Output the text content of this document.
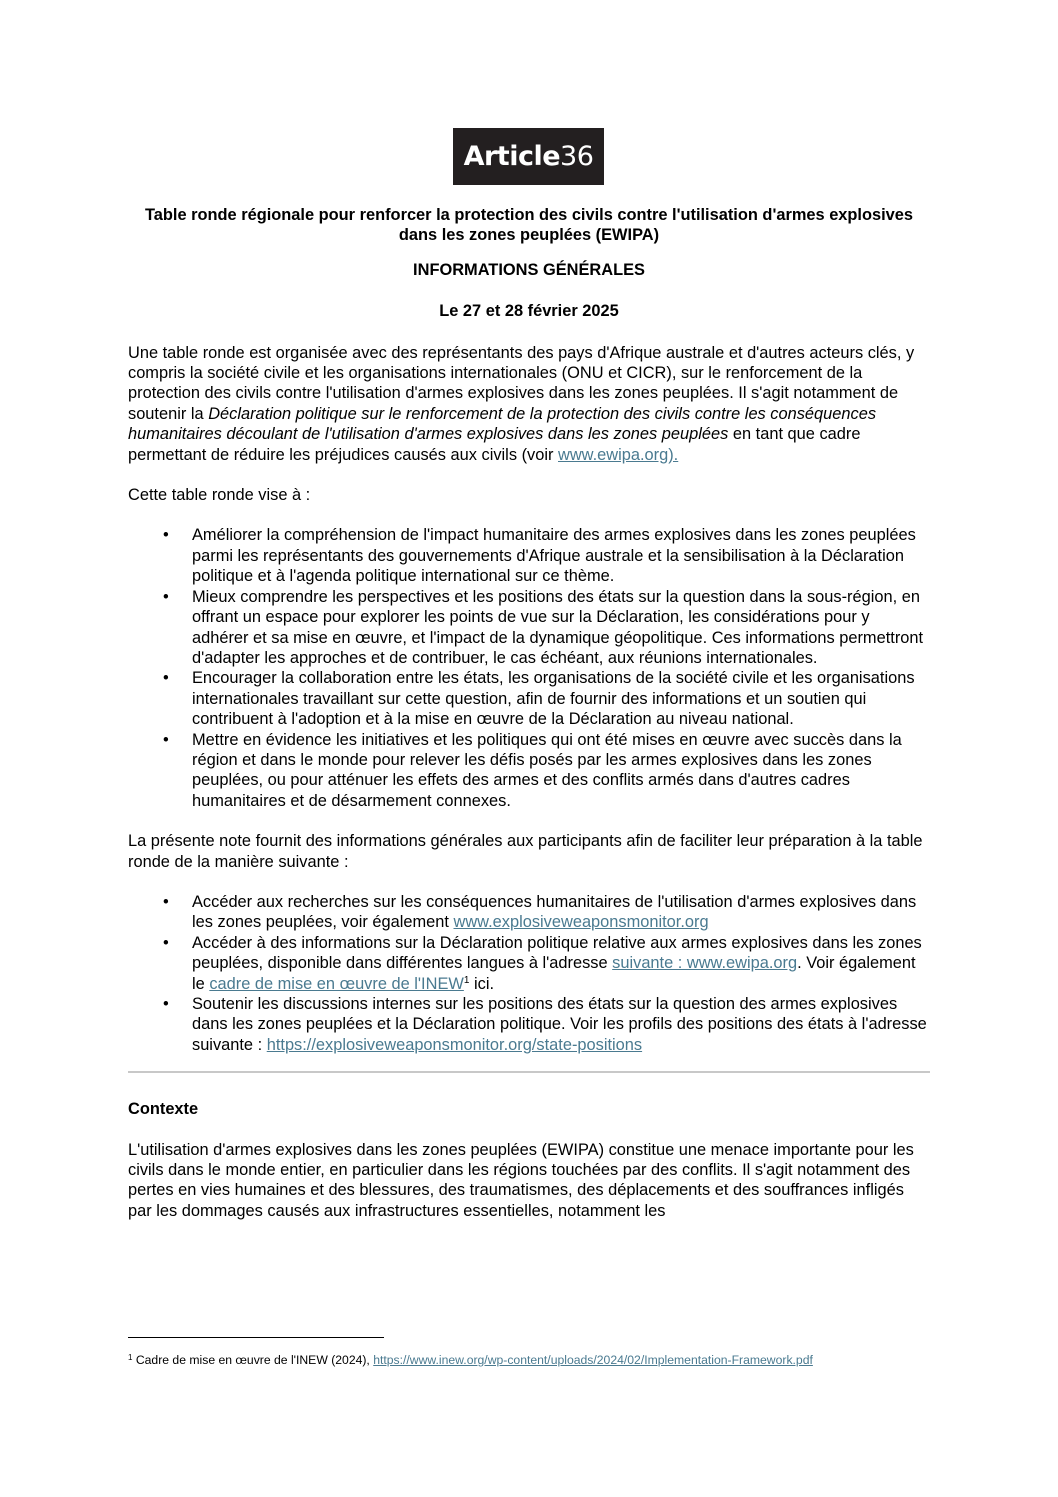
Article 36
Table ronde régionale pour renforcer la protection des civils contre l'utilisation d'armes explosives dans les zones peuplées (EWIPA)
INFORMATIONS GÉNÉRALES
Le 27 et 28 février 2025

Une table ronde est organisée avec des représentants des pays d'Afrique australe et d'autres acteurs clés, y compris la société civile et les organisations internationales (ONU et CICR), sur le renforcement de la protection des civils contre l'utilisation d'armes explosives dans les zones peuplées. Il s'agit notamment de soutenir la Déclaration politique sur le renforcement de la protection des civils contre les conséquences humanitaires découlant de l'utilisation d'armes explosives dans les zones peuplées en tant que cadre permettant de réduire les préjudices causés aux civils (voir www.ewipa.org).

Cette table ronde vise à :

• Améliorer la compréhension de l'impact humanitaire des armes explosives dans les zones peuplées parmi les représentants des gouvernements d'Afrique australe et la sensibilisation à la Déclaration politique et à l'agenda politique international sur ce thème.
• Mieux comprendre les perspectives et les positions des états sur la question dans la sous-région, en offrant un espace pour explorer les points de vue sur la Déclaration, les considérations pour y adhérer et sa mise en œuvre, et l'impact de la dynamique géopolitique. Ces informations permettront d'adapter les approches et de contribuer, le cas échéant, aux réunions internationales.
• Encourager la collaboration entre les états, les organisations de la société civile et les organisations internationales travaillant sur cette question, afin de fournir des informations et un soutien qui contribuent à l'adoption et à la mise en œuvre de la Déclaration au niveau national.
• Mettre en évidence les initiatives et les politiques qui ont été mises en œuvre avec succès dans la région et dans le monde pour relever les défis posés par les armes explosives dans les zones peuplées, ou pour atténuer les effets des armes et des conflits armés dans d'autres cadres humanitaires et de désarmement connexes.

La présente note fournit des informations générales aux participants afin de faciliter leur préparation à la table ronde de la manière suivante :

• Accéder aux recherches sur les conséquences humanitaires de l'utilisation d'armes explosives dans les zones peuplées, voir également www.explosiveweaponsmonitor.org
• Accéder à des informations sur la Déclaration politique relative aux armes explosives dans les zones peuplées, disponible dans différentes langues à l'adresse suivante : www.ewipa.org. Voir également le cadre de mise en œuvre de l'INEW$^1$ ici.
• Soutenir les discussions internes sur les positions des états sur la question des armes explosives dans les zones peuplées et la Déclaration politique. Voir les profils des positions des états à l'adresse suivante : https://explosiveweaponsmonitor.org/state-positions
Contexte

L'utilisation d'armes explosives dans les zones peuplées (EWIPA) constitue une menace importante pour les civils dans le monde entier, en particulier dans les régions touchées par des conflits. Il s'agit notamment des pertes en vies humaines et des blessures, des traumatismes, des déplacements et des souffrances infligés par les dommages causés aux infrastructures essentielles, notamment les

$^1$ Cadre de mise en œuvre de l'INEW (2024), https://www.inew.org/wp-content/uploads/2024/02/Implementation-Framework.pdf
